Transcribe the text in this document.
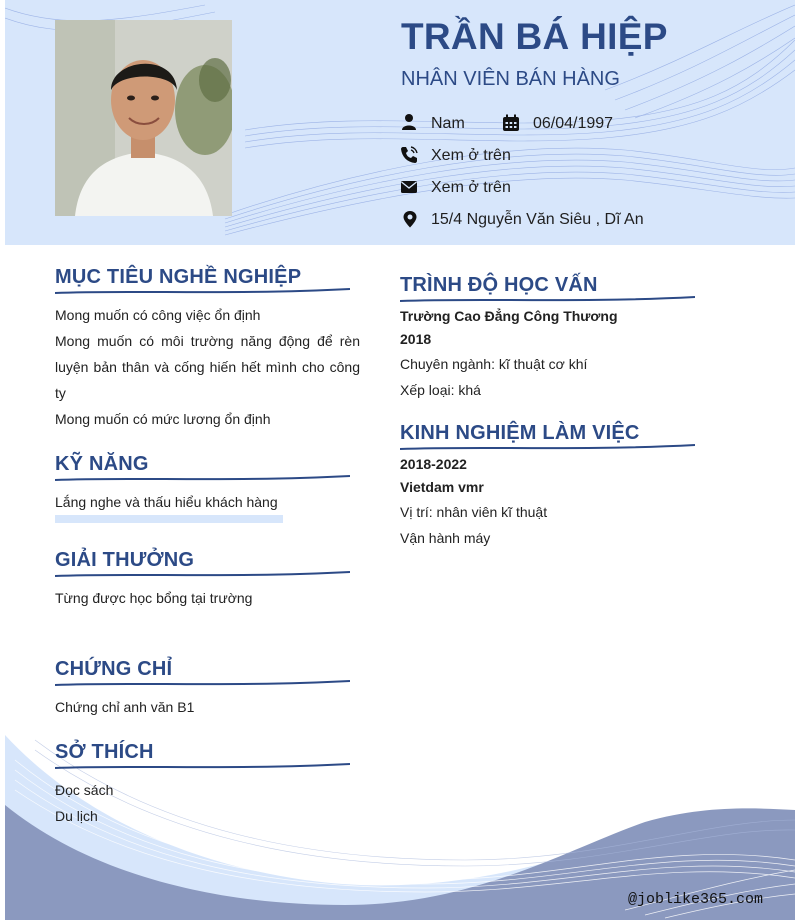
TRẦN BÁ HIỆP
NHÂN VIÊN BÁN HÀNG
Nam	06/04/1997
Xem ở trên
Xem ở trên
15/4 Nguyễn Văn Siêu , Dĩ An
MỤC TIÊU NGHỀ NGHIỆP
Mong muốn có công việc ổn định
Mong muốn có môi trường năng động để rèn luyện bản thân và cống hiến hết mình cho công ty
Mong muốn có mức lương ổn định
KỸ NĂNG
Lắng nghe và thấu hiểu khách hàng
GIẢI THƯỞNG
Từng được học bổng tại trường
CHỨNG CHỈ
Chứng chỉ anh văn B1
SỞ THÍCH
Đọc sách
Du lịch
TRÌNH ĐỘ HỌC VẤN
Trường Cao Đẳng Công Thương
2018
Chuyên ngành: kĩ thuật cơ khí
Xếp loại: khá
KINH NGHIỆM LÀM VIỆC
2018-2022
Vietdam vmr
Vị trí: nhân viên kĩ thuật
Vận hành máy
@joblike365.com
